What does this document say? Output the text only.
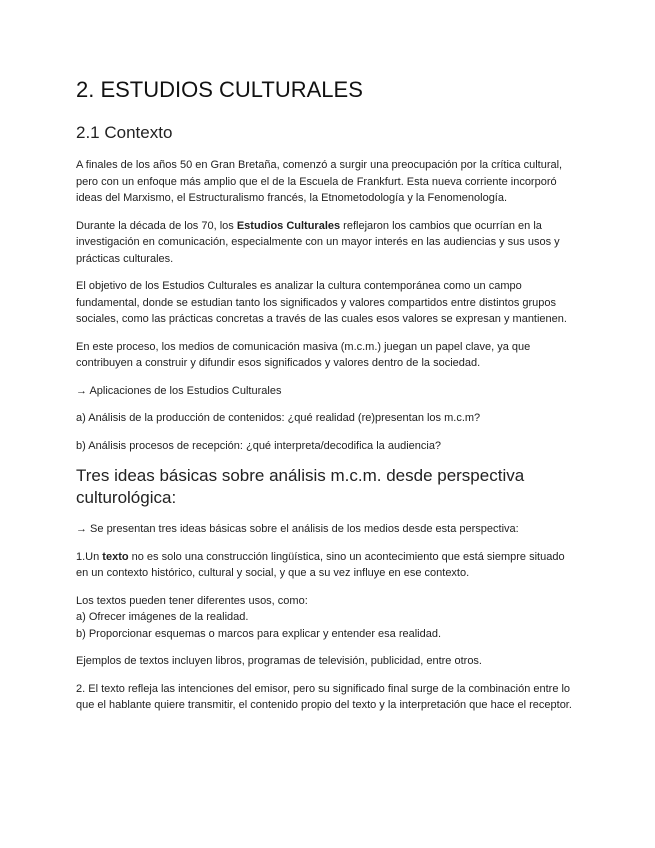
2. ESTUDIOS CULTURALES
2.1 Contexto

A finales de los años 50 en Gran Bretaña, comenzó a surgir una preocupación por la crítica cultural, pero con un enfoque más amplio que el de la Escuela de Frankfurt. Esta nueva corriente incorporó ideas del Marxismo, el Estructuralismo francés, la Etnometodología y la Fenomenología.

Durante la década de los 70, los Estudios Culturales reflejaron los cambios que ocurrían en la investigación en comunicación, especialmente con un mayor interés en las audiencias y sus usos y prácticas culturales.

El objetivo de los Estudios Culturales es analizar la cultura contemporánea como un campo fundamental, donde se estudian tanto los significados y valores compartidos entre distintos grupos sociales, como las prácticas concretas a través de las cuales esos valores se expresan y mantienen.

En este proceso, los medios de comunicación masiva (m.c.m.) juegan un papel clave, ya que contribuyen a construir y difundir esos significados y valores dentro de la sociedad.

→ Aplicaciones de los Estudios Culturales

a) Análisis de la producción de contenidos: ¿qué realidad (re)presentan los m.c.m?

b) Análisis procesos de recepción: ¿qué interpreta/decodifica la audiencia?

Tres ideas básicas sobre análisis m.c.m. desde perspectiva culturológica:

→ Se presentan tres ideas básicas sobre el análisis de los medios desde esta perspectiva:

1.Un texto no es solo una construcción lingüística, sino un acontecimiento que está siempre situado en un contexto histórico, cultural y social, y que a su vez influye en ese contexto.

Los textos pueden tener diferentes usos, como:
a) Ofrecer imágenes de la realidad.
b) Proporcionar esquemas o marcos para explicar y entender esa realidad.

Ejemplos de textos incluyen libros, programas de televisión, publicidad, entre otros.

2. El texto refleja las intenciones del emisor, pero su significado final surge de la combinación entre lo que el hablante quiere transmitir, el contenido propio del texto y la interpretación que hace el receptor.
